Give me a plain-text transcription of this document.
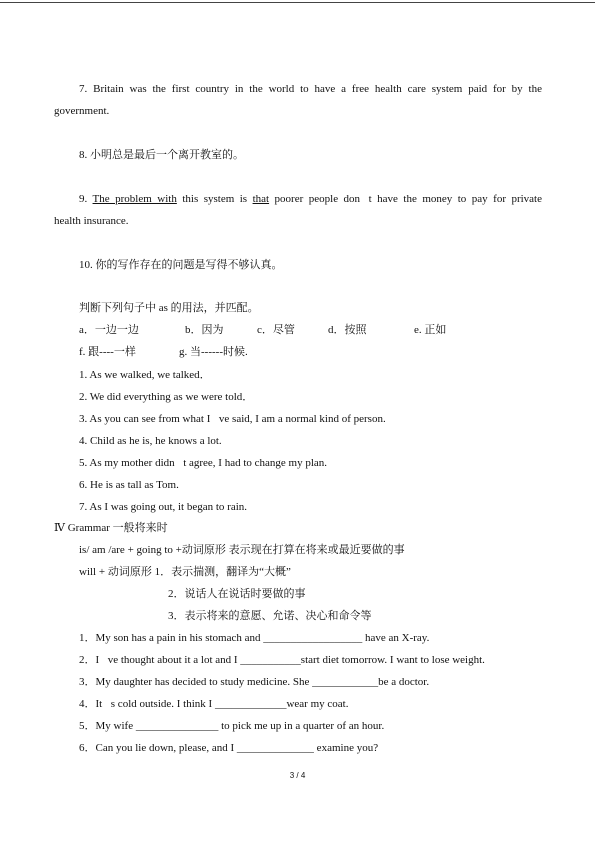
7. Britain was the first country in the world to have a free health care system paid for by the
government.
8. 小明总是最后一个离开教室的。
9. The problem with this system is that poorer people don t have the money to pay for private
health insurance.
10. 你的写作存在的问题是写得不够认真。
判断下列句子中 as 的用法，并匹配。
a．一边一边	b．因为	c．尽管	d．按照	e. 正如
f. 跟----一样	g. 当------时候.
1. As we walked, we talked．
2. We did everything as we were told．
3. As you can see from what I ve said, I am a normal kind of person.
4. Child as he is, he knows a lot.
5. As my mother didn t agree, I had to change my plan.
6. He is as tall as Tom.
7. As I was going out, it began to rain.
Ⅳ Grammar 一般将来时
is/ am /are + going to +动词原形 表示现在打算在将来或最近要做的事
will + 动词原形 1．表示揣测，翻译为“大概”
2．说话人在说话时要做的事
3．表示将来的意愿、允诺、决心和命令等
1．My son has a pain in his stomach and __________________ have an X-ray.
2．I ve thought about it a lot and I ___________start diet tomorrow. I want to lose weight.
3．My daughter has decided to study medicine. She ____________be a doctor.
4．It s cold outside. I think I _____________wear my coat.
5．My wife _______________ to pick me up in a quarter of an hour.
6．Can you lie down, please, and I ______________ examine you?
3 / 4
